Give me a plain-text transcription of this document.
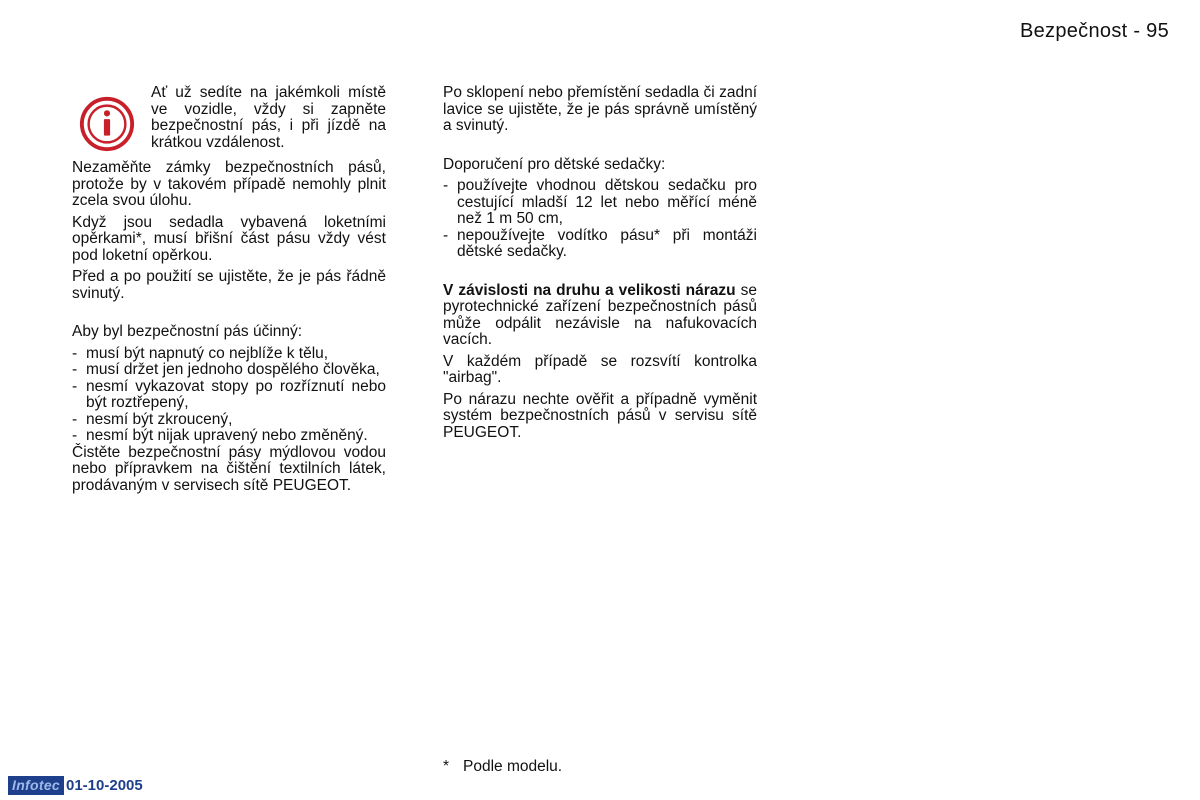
Bezpečnost - 95

Ať už sedíte na jakémkoli místě ve vozidle, vždy si zapněte bezpečnostní pás, i při jízdě na krátkou vzdálenost.

Nezaměňte zámky bezpečnostních pásů, protože by v takovém případě nemohly plnit zcela svou úlohu.

Když jsou sedadla vybavená loketními opěrkami*, musí břišní část pásu vždy vést pod loketní opěrkou.

Před a po použití se ujistěte, že je pás řádně svinutý.

Aby byl bezpečnostní pás účinný:

- musí být napnutý co nejblíže k tělu,
- musí držet jen jednoho dospělého člověka,
- nesmí vykazovat stopy po rozříznutí nebo být roztřepený,
- nesmí být zkroucený,
- nesmí být nijak upravený nebo změněný.

Čistěte bezpečnostní pásy mýdlovou vodou nebo přípravkem na čištění textilních látek, prodávaným v servisech sítě PEUGEOT.

Po sklopení nebo přemístění sedadla či zadní lavice se ujistěte, že je pás správně umístěný a svinutý.

Doporučení pro dětské sedačky:

- používejte vhodnou dětskou sedačku pro cestující mladší 12 let nebo měřící méně než 1 m 50 cm,
- nepoužívejte vodítko pásu* při montáži dětské sedačky.

V závislosti na druhu a velikosti nárazu se pyrotechnické zařízení bezpečnostních pásů může odpálit nezávisle na nafukovacích vacích.

V každém případě se rozsvítí kontrolka "airbag".

Po nárazu nechte ověřit a případně vyměnit systém bezpečnostních pásů v servisu sítě PEUGEOT.

* Podle modelu.
Infotec 01-10-2005
